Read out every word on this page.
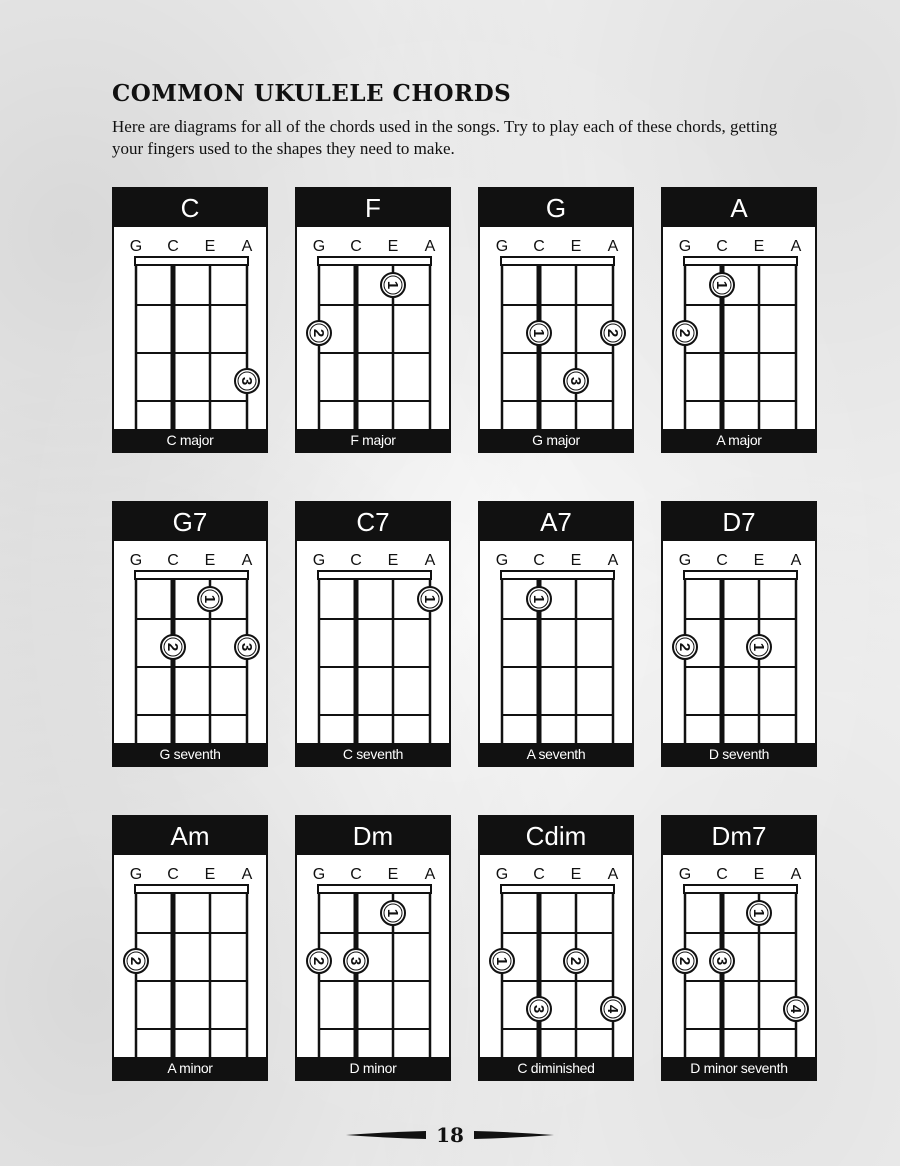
COMMON UKULELE CHORDS

Here are diagrams for all of the chords used in the songs. Try to play each of these chords, getting your fingers used to the shapes they need to make.

C
G C E A
3
C major
F
G C E A
1
2
F major
G
G C E A
1	2
3
G major
A
G C E A
1
2
A major
G7
G C E A
1
2	3
G seventh
C7
G C E A
1
C seventh
A7
G C E A
1
A seventh
D7
G C E A
2	1
D seventh
Am
G C E A
2
A minor
Dm
G C E A
1
2 3
D minor
Cdim
G C E A
1	2
3	4
C diminished
Dm7
G C E A
1
2 3
4
D minor seventh
18
